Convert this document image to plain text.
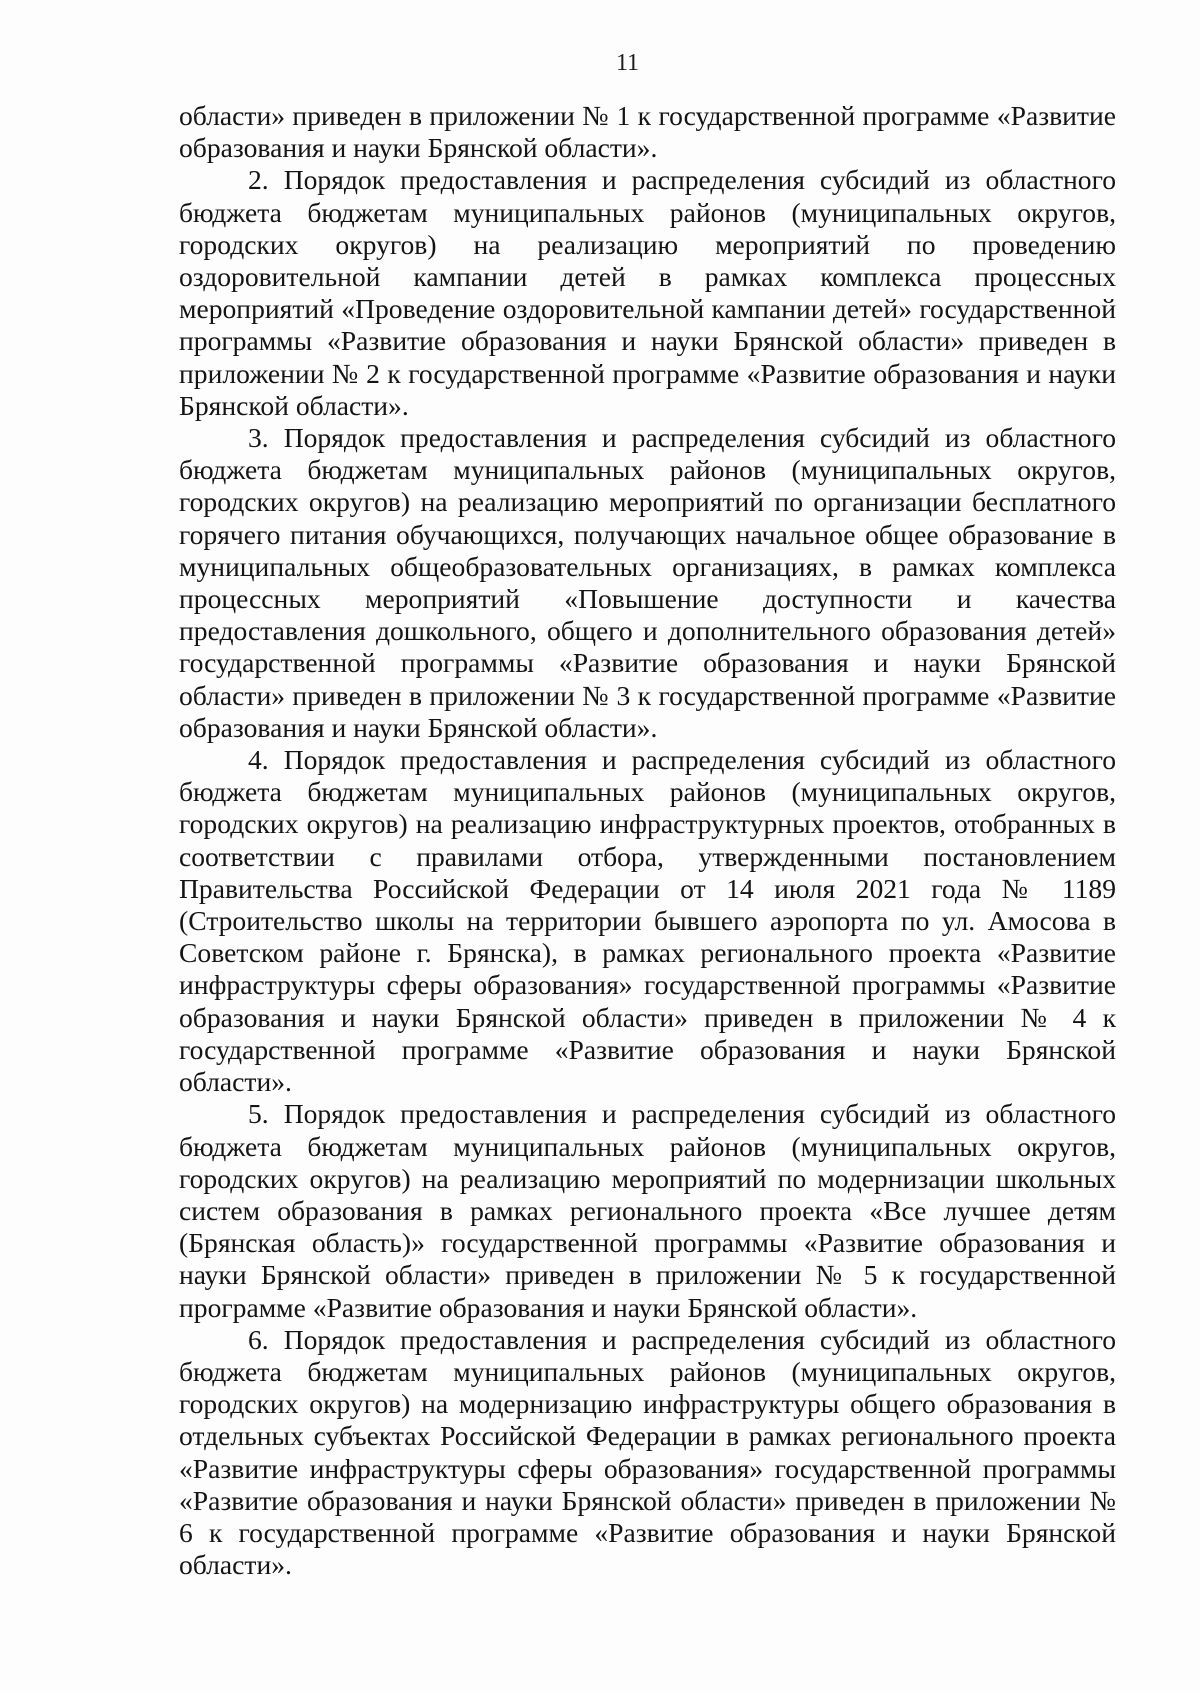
11

области» приведен в приложении № 1 к государственной программе «Развитие образования и науки Брянской области».

2. Порядок предоставления и распределения субсидий из областного бюджета бюджетам муниципальных районов (муниципальных округов, городских округов) на реализацию мероприятий по проведению оздоровительной кампании детей в рамках комплекса процессных мероприятий «Проведение оздоровительной кампании детей» государственной программы «Развитие образования и науки Брянской области» приведен в приложении № 2 к государственной программе «Развитие образования и науки Брянской области».

3. Порядок предоставления и распределения субсидий из областного бюджета бюджетам муниципальных районов (муниципальных округов, городских округов) на реализацию мероприятий по организации бесплатного горячего питания обучающихся, получающих начальное общее образование в муниципальных общеобразовательных организациях, в рамках комплекса процессных мероприятий «Повышение доступности и качества предоставления дошкольного, общего и дополнительного образования детей» государственной программы «Развитие образования и науки Брянской области» приведен в приложении № 3 к государственной программе «Развитие образования и науки Брянской области».

4. Порядок предоставления и распределения субсидий из областного бюджета бюджетам муниципальных районов (муниципальных округов, городских округов) на реализацию инфраструктурных проектов, отобранных в соответствии с правилами отбора, утвержденными постановлением Правительства Российской Федерации от 14 июля 2021 года № 1189 (Строительство школы на территории бывшего аэропорта по ул. Амосова в Советском районе г. Брянска), в рамках регионального проекта «Развитие инфраструктуры сферы образования» государственной программы «Развитие образования и науки Брянской области» приведен в приложении № 4 к государственной программе «Развитие образования и науки Брянской области».

5. Порядок предоставления и распределения субсидий из областного бюджета бюджетам муниципальных районов (муниципальных округов, городских округов) на реализацию мероприятий по модернизации школьных систем образования в рамках регионального проекта «Все лучшее детям (Брянская область)» государственной программы «Развитие образования и науки Брянской области» приведен в приложении № 5 к государственной программе «Развитие образования и науки Брянской области».

6. Порядок предоставления и распределения субсидий из областного бюджета бюджетам муниципальных районов (муниципальных округов, городских округов) на модернизацию инфраструктуры общего образования в отдельных субъектах Российской Федерации в рамках регионального проекта «Развитие инфраструктуры сферы образования» государственной программы «Развитие образования и науки Брянской области» приведен в приложении № 6 к государственной программе «Развитие образования и науки Брянской области».
